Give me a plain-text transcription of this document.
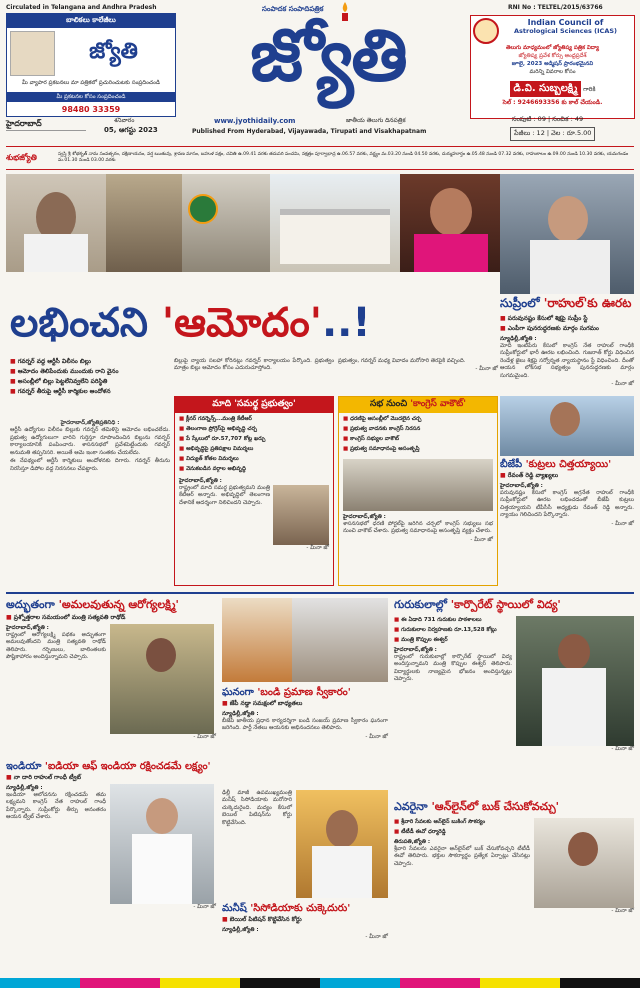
Circulated in Telangana and Andhra Pradesh
బాలికలు కాలేజీలు
జ్యోతి
మీ వ్యాపార ప్రకటనలు మా పత్రికలో ప్రచురించుటకు సంప్రదించండి
మీ ప్రకటనల కోసం సంప్రదించండి
98480 33359
సంపాదక సంపాదిపత్రిక
జ్యోతి
RNI No : TELTEL/2015/63766
Indian Council of
Astrological Sciences (ICAS)
తెలుగు మాధ్యమంలో జ్యోతిష్య పత్రిక విద్యా
జ్యోతిష్య ప్రవేశ కోర్సు ఆంధ్రప్రదేశ్
జూలై, 2023 అడ్మిషన్ ప్రారంభమైనవి
మరిన్ని వివరాల కోసం
డి.వి. సుబ్బలక్ష్మి గారికి
సెల్ : 9246693356 కు కాల్ చేయండి.
హైదరాబాద్	శనివారం
05, ఆగస్టు 2023
www.jyothidaily.com	జాతీయ తెలుగు దినపత్రిక
Published From Hyderabad, Vijayawada, Tirupati and Visakhapatnam
సంపుటి : 09 | సంచిక : 49
పేజీలు : 12 | వెల : రూ.5.00
శుభజ్యోతి	స్వస్తి శ్రీ శోభకృత్ నామ సంవత్సరం, దక్షిణాయనం, వర్ష ఋతువు, శ్రావణ మాసం, బహుళ పక్షం, చవితి ఉ.09.41 వరకు తదుపరి పంచమి, నక్షత్రం పూర్వాభాద్ర ఉ.06.57 వరకు, వర్జ్యం మ.03.20 నుండి 04.50 వరకు, దుర్ముహూర్తం ఉ.05.48 నుండి 07.32 వరకు, రాహుకాలం ఉ.09.00 నుండి 10.30 వరకు, యమగండం మ.01.30 నుండి 03.00 వరకు
సుప్రీంలో 'రాహుల్'కు ఊరట
■ పరువునష్టం కేసులో శిక్షపై సుప్రీం స్టే
■ ఎంపీగా పునరుద్ధరణకు మార్గం సుగమం
న్యూఢిల్లీ,జ్యోతి :

మోదీ ఇంటిపేరు కేసులో కాంగ్రెస్ నేత రాహుల్ గాంధీకి సుప్రీంకోర్టులో భారీ ఊరట లభించింది. గుజరాత్ కోర్టు విధించిన రెండేళ్ల జైలు శిక్షపై సర్వోన్నత న్యాయస్థానం స్టే విధించింది. దీంతో ఆయన లోక్‌సభ సభ్యత్వం పునరుద్ధరణకు మార్గం సుగమమైంది.

- మీనా జో
లభించని 'ఆమోదం'..!
■ గవర్నర్ వద్ద ఆర్టీసీ విలీనం బిల్లు
■ ఆమోదం తెలిపేందుకు ముందుకు రాని వైనం
■ అసంబ్లీలో బిల్లు పెట్టలేనివ్వలేని పరిస్థితి
■ గవర్నర్ తీరుపై ఆర్టీసీ కార్మికుల ఆందోళన
హైదరాబాద్,జ్యోతిప్రతినిధి :

ఆర్టీసీ ఉద్యోగుల విలీనం బిల్లుకు గవర్నర్ తమిళిసై ఆమోదం లభించలేదు. ప్రభుత్వ ఉద్యోగులుగా వారిని గుర్తిస్తూ రూపొందించిన బిల్లును గవర్నర్ కార్యాలయానికి పంపించారు. శాసనసభలో ప్రవేశపెట్టేందుకు గవర్నర్ అనుమతి తప్పనిసరి. అయితే ఆమె ఇంకా సంతకం చేయలేదు.

ఈ నేపథ్యంలో ఆర్టీసీ కార్మికులు ఆందోళనకు దిగారు. గవర్నర్ తీరును నిరసిస్తూ డిపోల వద్ద నిరసనలు చేపట్టారు.

బిల్లుపై న్యాయ సలహా కోరినట్లు గవర్నర్ కార్యాలయం పేర్కొంది. ప్రభుత్వం మాత్రం బిల్లు ఆమోదం కోసం ఎదురుచూస్తోంది.

ప్రభుత్వం, గవర్నర్ మధ్య వివాదం మరోసారి తెరపైకి వచ్చింది.

- మీనా జో
మాది 'సమర్థ ప్రభుత్వం'
■ క్లీనర్ గవర్నెన్స్...మంత్రి కేటీఆర్
■ తెలంగాణ ప్రోగ్రెస్‌పై అభివృద్ధి చర్చ
■ పే స్కేలులో రూ.57,707 కోట్ల ఖర్చు
■ అభివృద్ధిపై ప్రతిపక్షాల విమర్శలు
■ విద్యుత్ కోతల విమర్శలు
■ వెనుకబడిన వర్గాల అభివృద్ధి
హైదరాబాద్,జ్యోతి :

రాష్ట్రంలో మాది సమర్థ ప్రభుత్వమని మంత్రి కేటీఆర్ అన్నారు. అభివృద్ధిలో తెలంగాణ దేశానికే ఆదర్శంగా నిలిచిందని చెప్పారు.

- మీనా జో
సభ నుంచి 'కాంగ్రెస్ వాకౌట్'
■ ధరణిపై అసంబ్లీలో మొదలైన చర్చ
■ ప్రభుత్వ వాదనకు కాంగ్రెస్ నిరసన
■ కాంగ్రెస్ సభ్యుల వాకౌట్
■ ప్రభుత్వ సమాధానంపై అసంతృప్తి
హైదరాబాద్,జ్యోతి :

శాసనసభలో ధరణి పోర్టల్‌పై జరిగిన చర్చలో కాంగ్రెస్ సభ్యులు సభ నుంచి వాకౌట్ చేశారు. ప్రభుత్వ సమాధానంపై అసంతృప్తి వ్యక్తం చేశారు.

- మీనా జో
బీజేపీ 'కుట్రలు చిత్తయ్యాయి'
■ రేవంత్ రెడ్డి వ్యాఖ్యలు
హైదరాబాద్,జ్యోతి :

పరువునష్టం కేసులో కాంగ్రెస్ అగ్రనేత రాహుల్ గాంధీకి సుప్రీంకోర్టులో ఊరట లభించడంతో బీజేపీ కుట్రలు చిత్తయ్యాయని టీపీసీసీ అధ్యక్షుడు రేవంత్ రెడ్డి అన్నారు. న్యాయం గెలిచిందని పేర్కొన్నారు.

- మీనా జో
అద్భుతంగా 'అమలవుతున్న ఆరోగ్యలక్ష్మి'
■ ప్రశ్నోత్తరాల సమయంలో మంత్రి సత్యవతి రాథోడ్
హైదరాబాద్,జ్యోతి :

రాష్ట్రంలో ఆరోగ్యలక్ష్మి పథకం అద్భుతంగా అమలవుతోందని మంత్రి సత్యవతి రాథోడ్ తెలిపారు. గర్భిణులు, బాలింతలకు పౌష్టికాహారం అందిస్తున్నామని చెప్పారు.

- మీనా జో
ఘనంగా 'బండి ప్రమాణ స్వీకారం'
■ జేపీ నడ్డా సమక్షంలో బాధ్యతలు
న్యూఢిల్లీ,జ్యోతి :

బీజేపీ జాతీయ ప్రధాన కార్యదర్శిగా బండి సంజయ్ ప్రమాణ స్వీకారం ఘనంగా జరిగింది. పార్టీ నేతలు ఆయనకు అభినందనలు తెలిపారు.

- మీనా జో
గురుకులాల్లో 'కార్పొరేట్ స్థాయిలో విద్య'
■ ఈ ఏడాది 731 గురుకుల పాఠశాలలు
■ గురుకులాల నిర్వహణకు రూ.13,528 కోట్లు
■ మంత్రి కొప్పుల ఈశ్వర్
హైదరాబాద్,జ్యోతి :

రాష్ట్రంలో గురుకులాల్లో కార్పొరేట్ స్థాయిలో విద్య అందిస్తున్నామని మంత్రి కొప్పుల ఈశ్వర్ తెలిపారు. విద్యార్థులకు నాణ్యమైన భోజనం అందిస్తున్నట్లు చెప్పారు.

- మీనా జో
ఇండియా 'ఐడియా ఆఫ్ ఇండియా రక్షించడమే లక్ష్యం'
■ నా దారి రాహుల్ గాంధీ ట్వీట్
న్యూఢిల్లీ,జ్యోతి :

ఇండియా ఆలోచనను రక్షించడమే తమ లక్ష్యమని కాంగ్రెస్ నేత రాహుల్ గాంధీ పేర్కొన్నారు. సుప్రీంకోర్టు తీర్పు అనంతరం ఆయన ట్వీట్ చేశారు.

- మీనా జో

ఢిల్లీ మాజీ ఉపముఖ్యమంత్రి మనీష్ సిసోడియాకు మరోసారి చుక్కెదురైంది. మద్యం కేసులో బెయిల్ పిటిషన్‌ను కోర్టు కొట్టివేసింది.

మనీష్ 'సిసోడియాకు చుక్కెదురు'
■ బెయిల్ పిటిషన్ కొట్టివేసిన కోర్టు
న్యూఢిల్లీ,జ్యోతి :
- మీనా జో
ఎవరైనా 'ఆన్‌లైన్‌లో బుక్ చేసుకోవచ్చు'
■ శ్రీవారి సేవలకు ఆన్‌లైన్ బుకింగ్ సౌకర్యం
■ టీటీడీ ఈవో ధర్మారెడ్డి
తిరుపతి,జ్యోతి :

శ్రీవారి సేవలను ఎవరైనా ఆన్‌లైన్‌లో బుక్ చేసుకోవచ్చని టీటీడీ ఈవో తెలిపారు. భక్తుల సౌకర్యార్థం ప్రత్యేక ఏర్పాట్లు చేసినట్లు చెప్పారు.

- మీనా జో
